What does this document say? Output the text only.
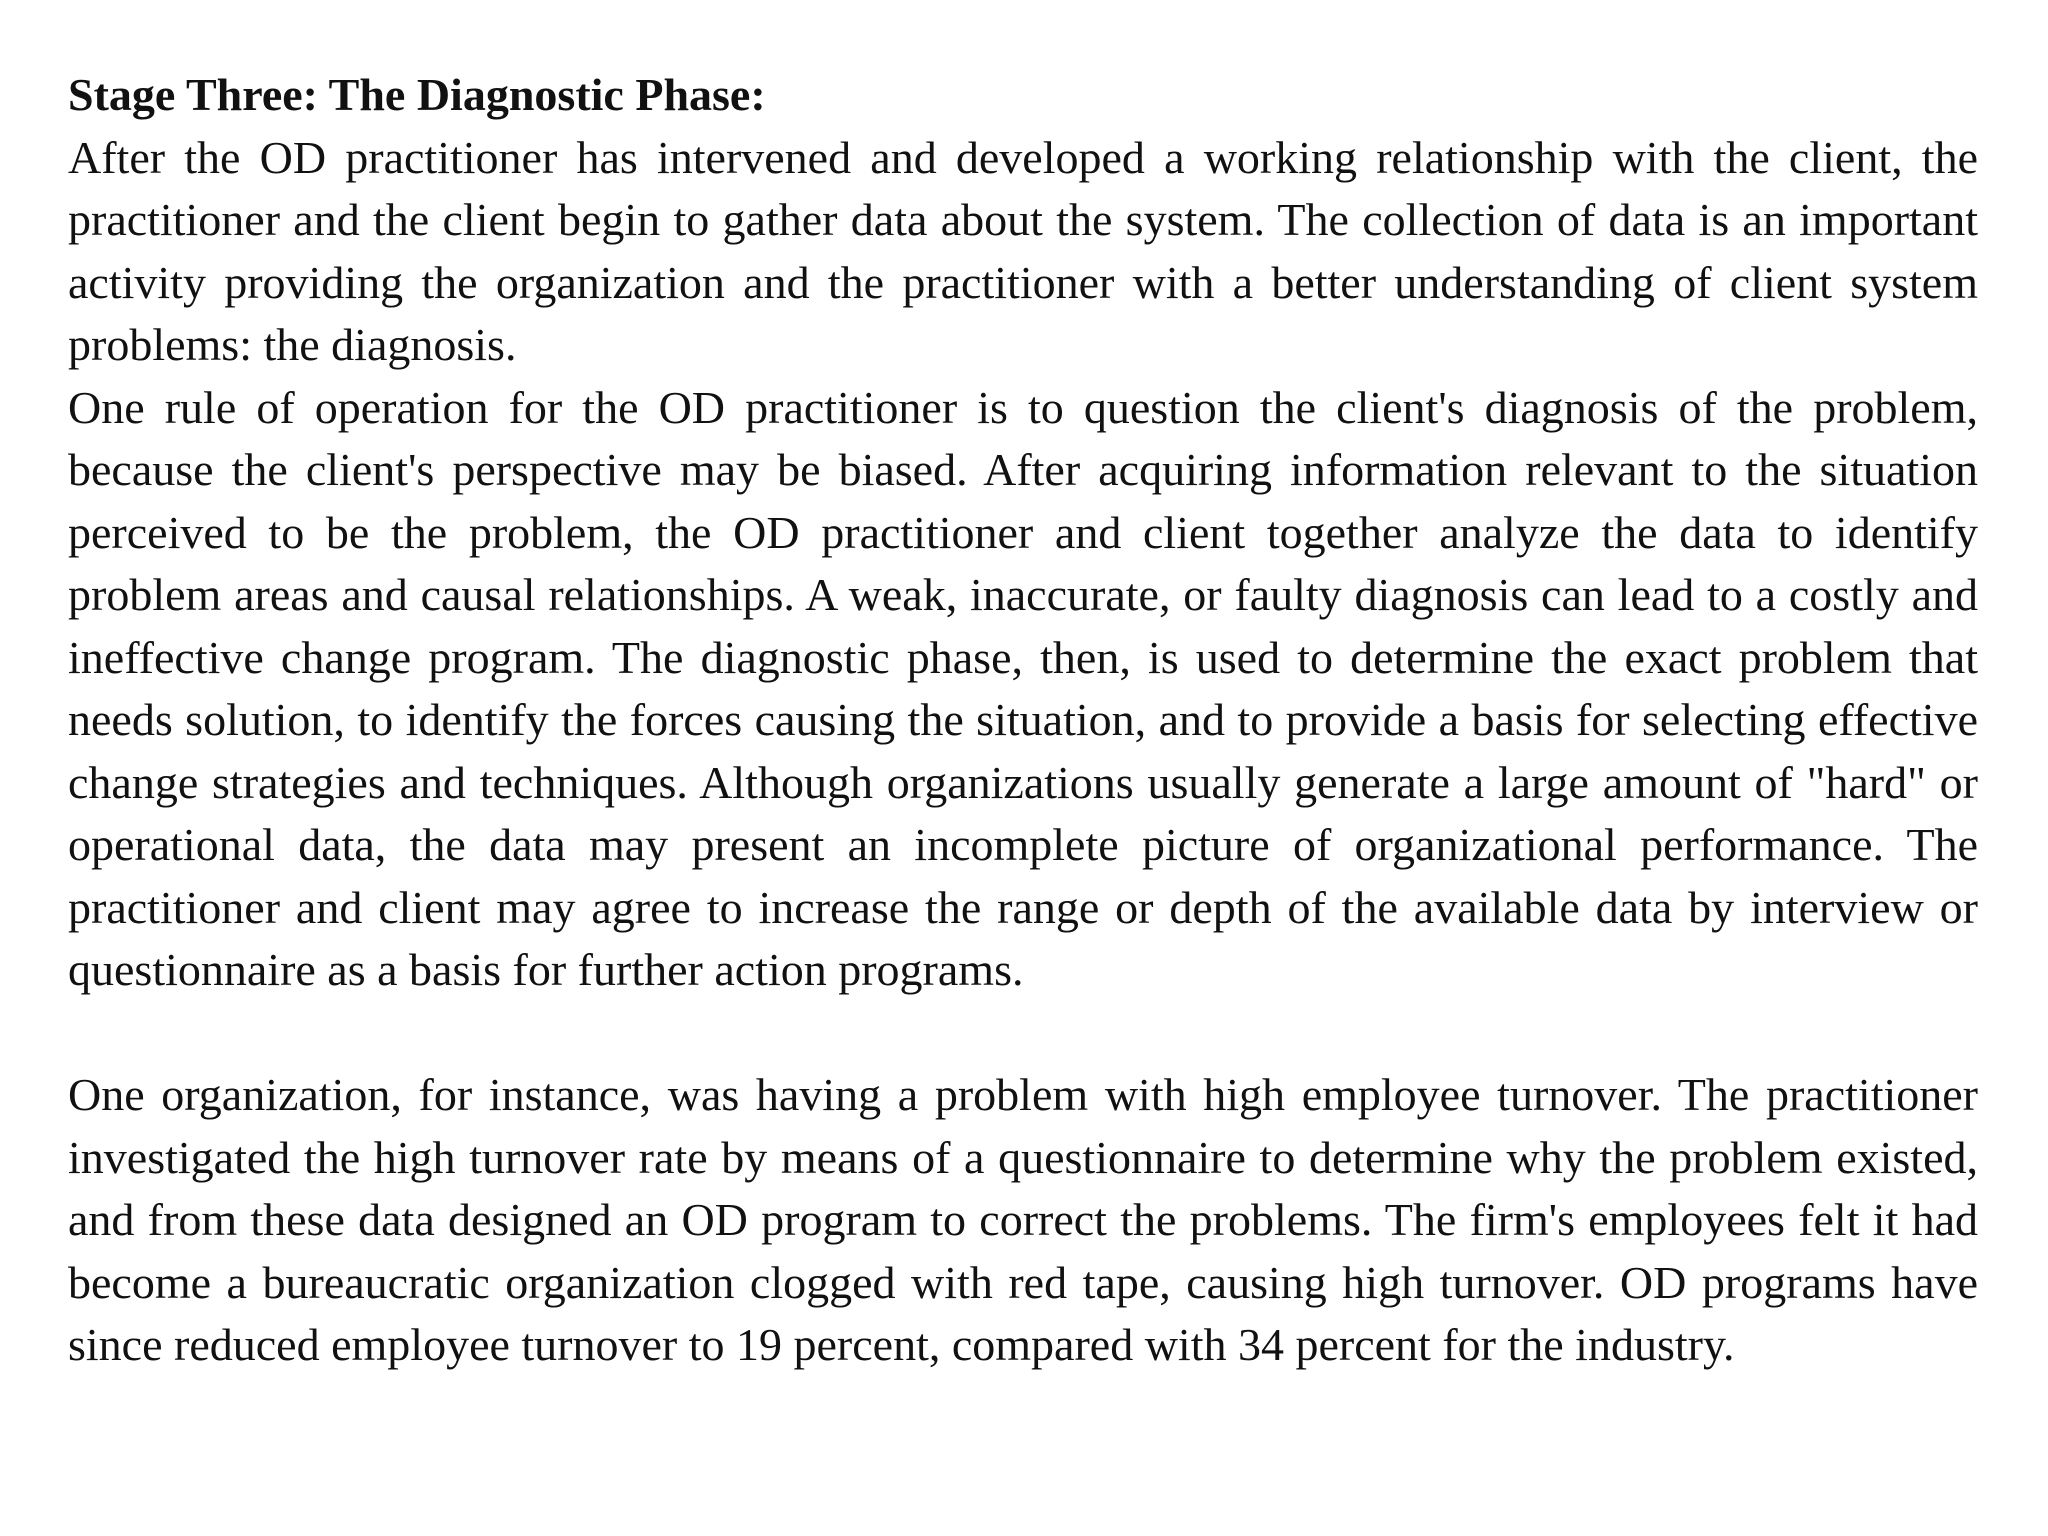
Stage Three: The Diagnostic Phase:

After the OD practitioner has intervened and developed a working relationship with the client, the practitioner and the client begin to gather data about the system. The collection of data is an important activity providing the organization and the practitioner with a better understanding of client system problems: the diagnosis.

One rule of operation for the OD practitioner is to question the client's diagnosis of the problem, because the client's perspective may be biased. After acquiring information relevant to the situation perceived to be the problem, the OD practitioner and client together analyze the data to identify problem areas and causal relationships. A weak, inaccurate, or faulty diagnosis can lead to a costly and ineffective change program. The diagnostic phase, then, is used to determine the exact problem that needs solution, to identify the forces causing the situation, and to provide a basis for selecting effective change strategies and techniques. Although organizations usually generate a large amount of "hard" or operational data, the data may present an incomplete picture of organizational performance. The practitioner and client may agree to increase the range or depth of the available data by interview or questionnaire as a basis for further action programs.

One organization, for instance, was having a problem with high employee turnover. The practitioner investigated the high turnover rate by means of a questionnaire to determine why the problem existed, and from these data designed an OD program to correct the problems. The firm's employees felt it had become a bureaucratic organization clogged with red tape, causing high turnover. OD programs have since reduced employee turnover to 19 percent, compared with 34 percent for the industry.
